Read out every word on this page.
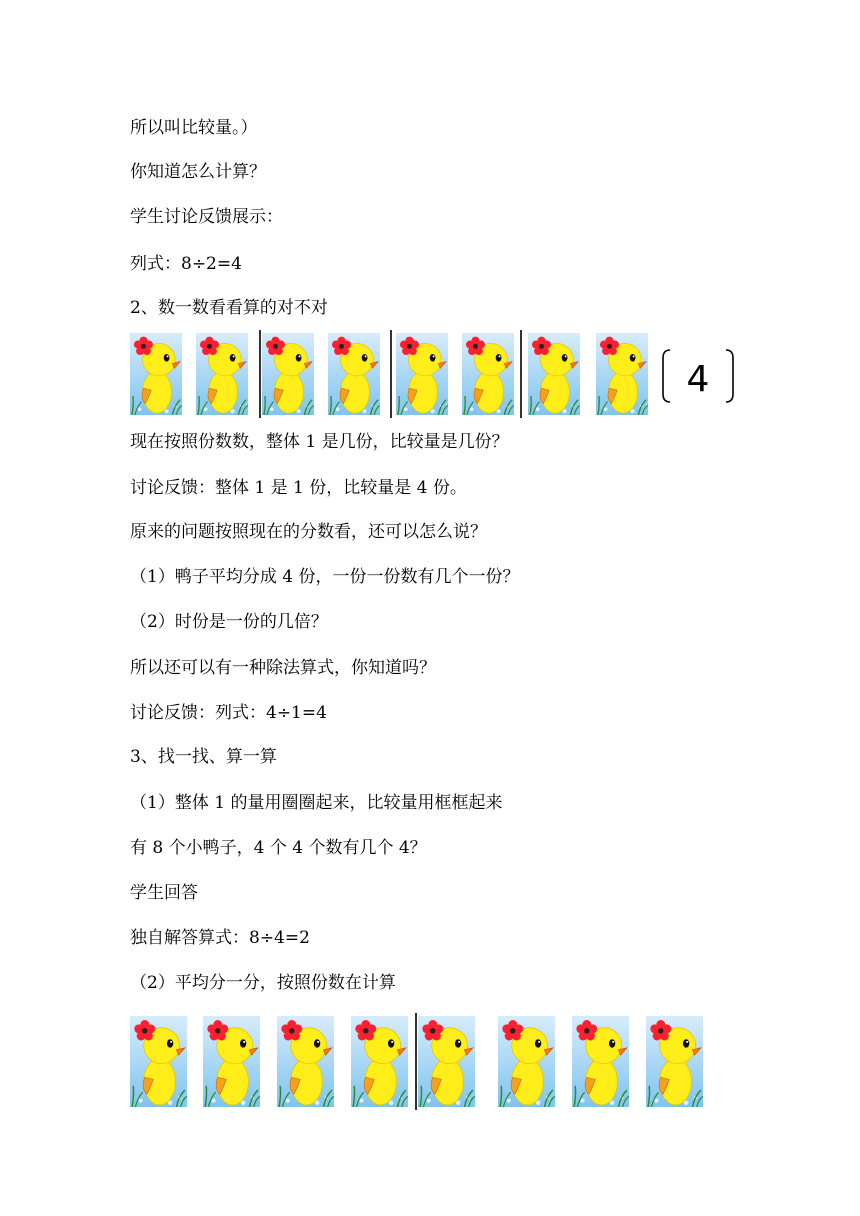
所以叫比较量。）
你知道怎么计算？
学生讨论反馈展示：
列式：8÷2=4
2、数一数看看算的对不对
4
现在按照份数数，整体 1 是几份，比较量是几份？
讨论反馈：整体 1 是 1 份，比较量是 4 份。
原来的问题按照现在的分数看，还可以怎么说？
（1）鸭子平均分成 4 份，一份一份数有几个一份？
（2）时份是一份的几倍？
所以还可以有一种除法算式，你知道吗？
讨论反馈：列式：4÷1=4
3、找一找、算一算
（1）整体 1 的量用圈圈起来，比较量用框框起来
有 8 个小鸭子，4 个 4 个数有几个 4？
学生回答
独自解答算式：8÷4=2
（2）平均分一分，按照份数在计算
